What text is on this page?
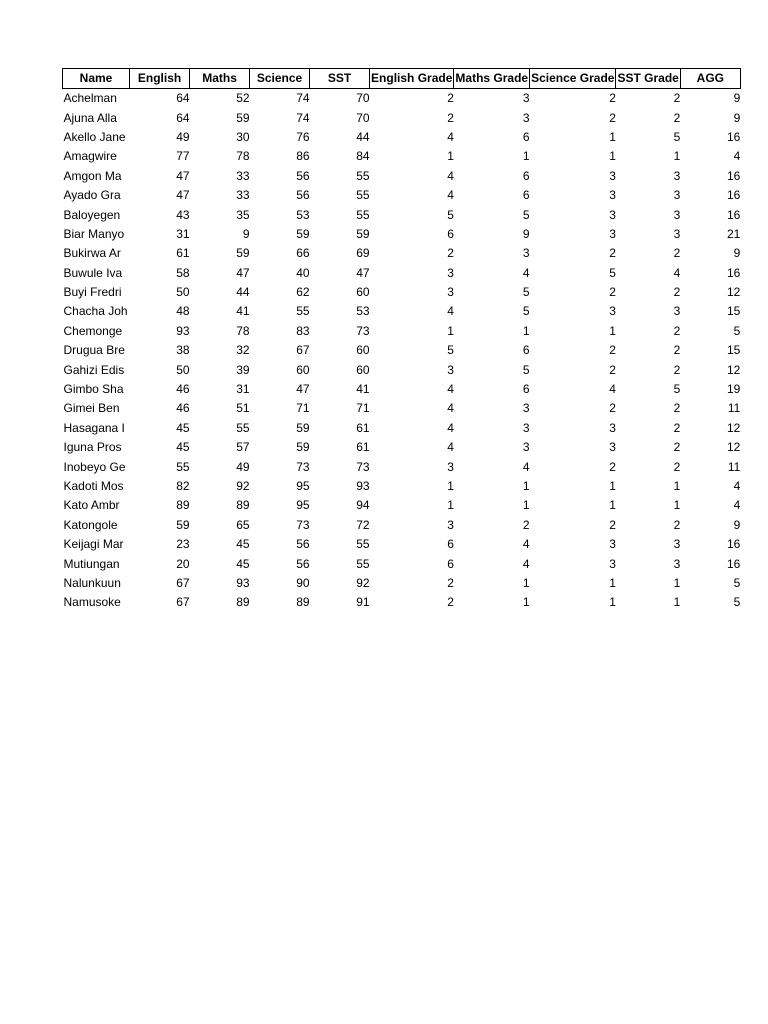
Name	English	Maths	Science	SST	English Grade	Maths Grade	Science Grade	SST Grade	AGG
Achelman	64	52	74	70	2	3	2	2	9
Ajuna Alla	64	59	74	70	2	3	2	2	9
Akello Jane	49	30	76	44	4	6	1	5	16
Amagwire	77	78	86	84	1	1	1	1	4
Amgon Ma	47	33	56	55	4	6	3	3	16
Ayado Gra	47	33	56	55	4	6	3	3	16
Baloyegen	43	35	53	55	5	5	3	3	16
Biar Manyo	31	9	59	59	6	9	3	3	21
Bukirwa Ar	61	59	66	69	2	3	2	2	9
Buwule Iva	58	47	40	47	3	4	5	4	16
Buyi Fredri	50	44	62	60	3	5	2	2	12
Chacha Joh	48	41	55	53	4	5	3	3	15
Chemonge	93	78	83	73	1	1	1	2	5
Drugua Bre	38	32	67	60	5	6	2	2	15
Gahizi Edis	50	39	60	60	3	5	2	2	12
Gimbo Sha	46	31	47	41	4	6	4	5	19
Gimei Ben	46	51	71	71	4	3	2	2	11
Hasagana I	45	55	59	61	4	3	3	2	12
Iguna Pros	45	57	59	61	4	3	3	2	12
Inobeyo Ge	55	49	73	73	3	4	2	2	11
Kadoti Mos	82	92	95	93	1	1	1	1	4
Kato Ambr	89	89	95	94	1	1	1	1	4
Katongole	59	65	73	72	3	2	2	2	9
Keijagi Mar	23	45	56	55	6	4	3	3	16
Mutiungan	20	45	56	55	6	4	3	3	16
Nalunkuun	67	93	90	92	2	1	1	1	5
Namusoke	67	89	89	91	2	1	1	1	5
